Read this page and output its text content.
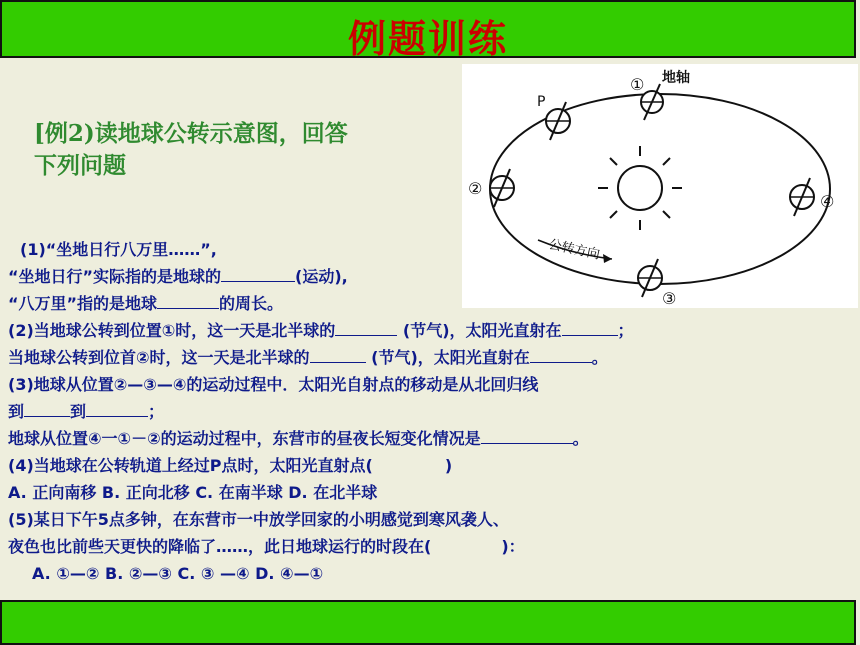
例题训练
[例2)读地球公转示意图，回答
下列问题
地轴
P
①
②
③
④
公转方向
(1)“坐地日行八万里……”,
“坐地日行”实际指的是地球的	(运动),
“八万里”指的是地球	的周长。
(2)当地球公转到位置①时，这一天是北半球的	(节气)，太阳光直射在	；
当地球公转到位首②时，这一天是北半球的	(节气)，太阳光直射在	。
(3)地球从位置②—③—④的运动过程中．太阳光自射点的移动是从北回归线
到	到	；
地球从位置④一①－②的运动过程中，东营市的昼夜长短变化情况是	。
(4)当地球在公转轨道上经过P点时，太阳光直射点(	)
A. 正向南移 B. 正向北移 C. 在南半球 D. 在北半球
(5)某日下午5点多钟，在东营市一中放学回家的小明感觉到寒风袭人、
夜色也比前些天更快的降临了……，此日地球运行的时段在(	)：
A. ①—② B. ②—③ C. ③ —④ D. ④—①
